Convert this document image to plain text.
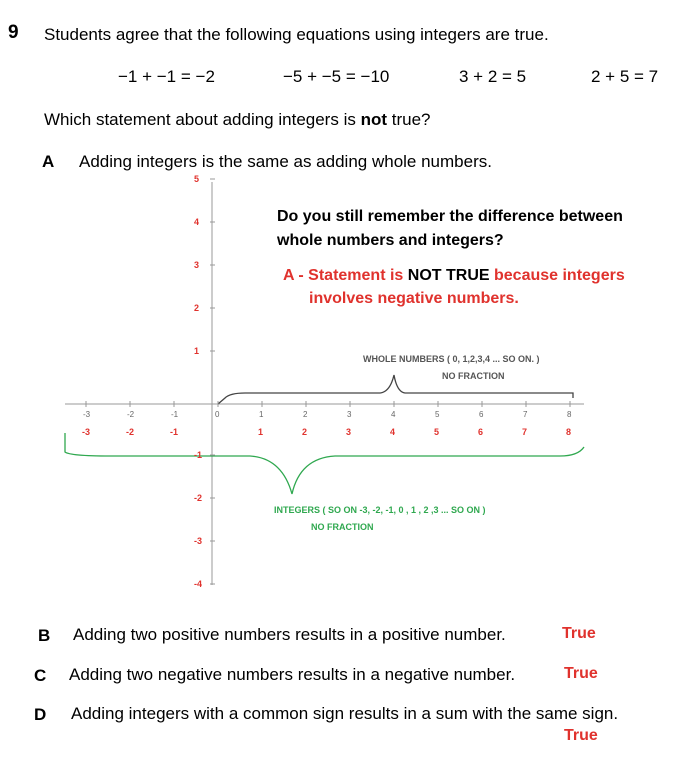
9 Students agree that the following equations using integers are true.
−1 + −1 = −2	−5 + −5 = −10	3 + 2 = 5	2 + 5 = 7
Which statement about adding integers is not true?
A Adding integers is the same as adding whole numbers.
-3	-2	-1	0	1	2	3	4	5	6	7	8
-3	-2	-1	1	2	3	4	5	6	7	8
5
4
3
2
1
-1
-2
-3
-4
Do you still remember the difference between
whole numbers and integers?
A - Statement is NOT TRUE because integers
involves negative numbers.
WHOLE NUMBERS ( 0, 1,2,3,4 ... SO ON. )
NO FRACTION
INTEGERS ( SO ON -3, -2, -1, 0 , 1 , 2 ,3 ... SO ON )
NO FRACTION
B Adding two positive numbers results in a positive number.	True
C Adding two negative numbers results in a negative number.	True
D Adding integers with a common sign results in a sum with the same sign.
True
